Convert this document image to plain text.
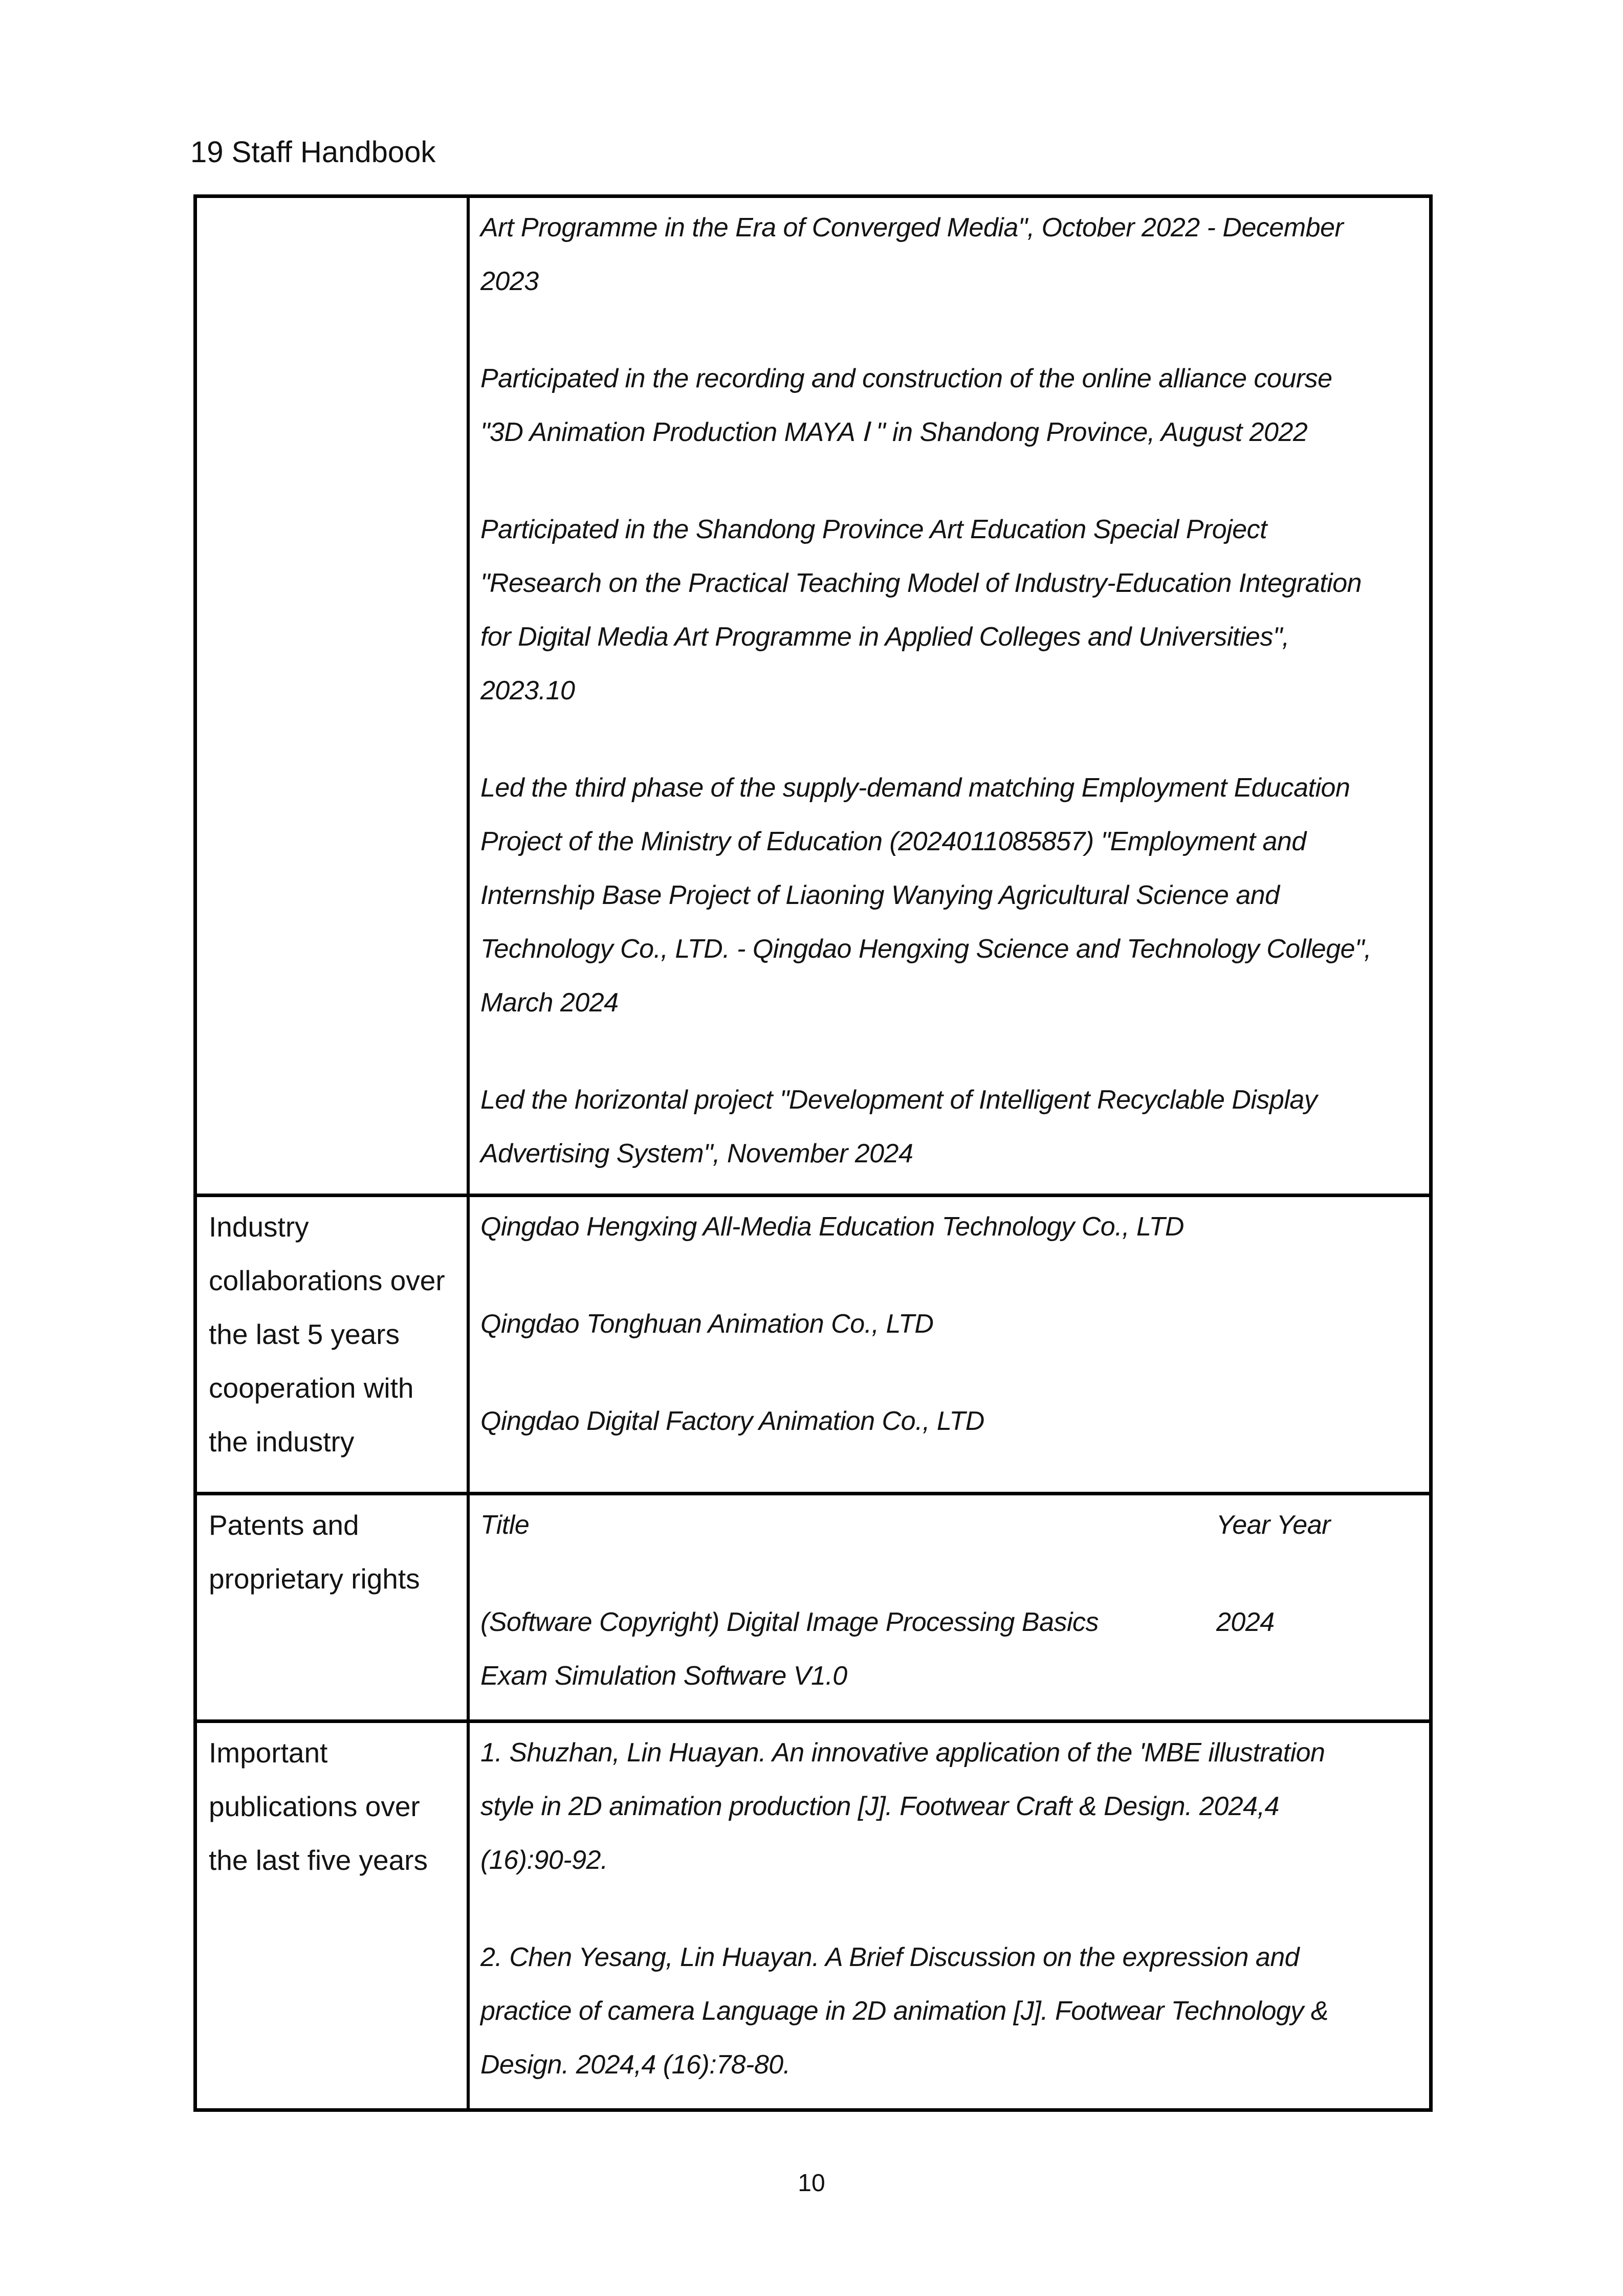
19 Staff Handbook
Art Programme in the Era of Converged Media", October 2022 - December
2023
Participated in the recording and construction of the online alliance course
"3D Animation Production MAYA Ⅰ " in Shandong Province, August 2022
Participated in the Shandong Province Art Education Special Project
"Research on the Practical Teaching Model of Industry-Education Integration
for Digital Media Art Programme in Applied Colleges and Universities",
2023.10
Led the third phase of the supply-demand matching Employment Education
Project of the Ministry of Education (2024011085857) "Employment and
Internship Base Project of Liaoning Wanying Agricultural Science and
Technology Co., LTD. - Qingdao Hengxing Science and Technology College",
March 2024
Led the horizontal project "Development of Intelligent Recyclable Display
Advertising System", November 2024
Industry
collaborations over
the last 5 years
cooperation with
the industry
Qingdao Hengxing All-Media Education Technology Co., LTD
Qingdao Tonghuan Animation Co., LTD
Qingdao Digital Factory Animation Co., LTD
Patents and
proprietary rights
Title	Year Year
(Software Copyright) Digital Image Processing Basics
Exam Simulation Software V1.0
2024
Important
publications over
the last five years
1. Shuzhan, Lin Huayan. An innovative application of the 'MBE illustration
style in 2D animation production [J]. Footwear Craft & Design. 2024,4
(16):90-92.
2. Chen Yesang, Lin Huayan. A Brief Discussion on the expression and
practice of camera Language in 2D animation [J]. Footwear Technology &
Design. 2024,4 (16):78-80.
10
